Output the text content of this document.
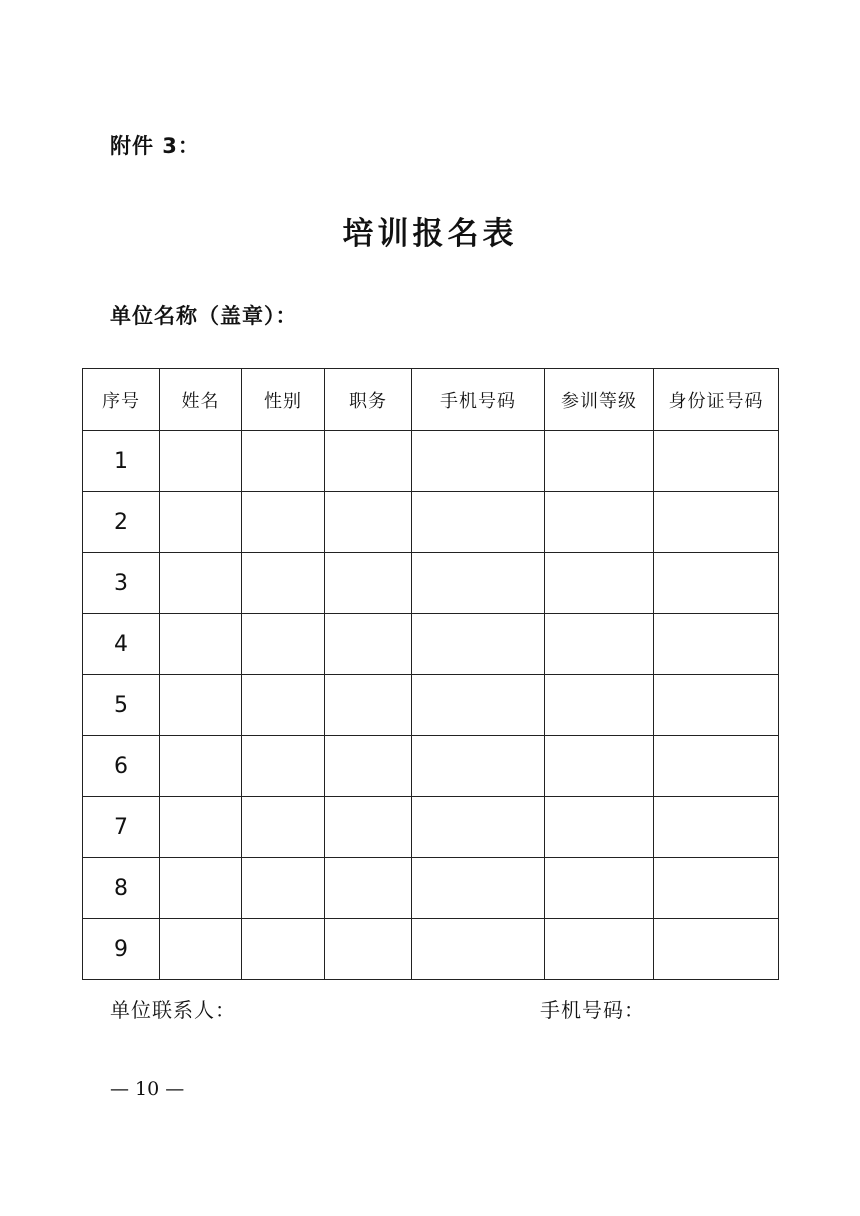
附件 3：
培训报名表
单位名称（盖章）：
序号	姓名	性别	职务	手机号码	参训等级	身份证号码
1						
2						
3						
4						
5						
6						
7						
8						
9						
单位联系人：	手机号码：
— 10 —
